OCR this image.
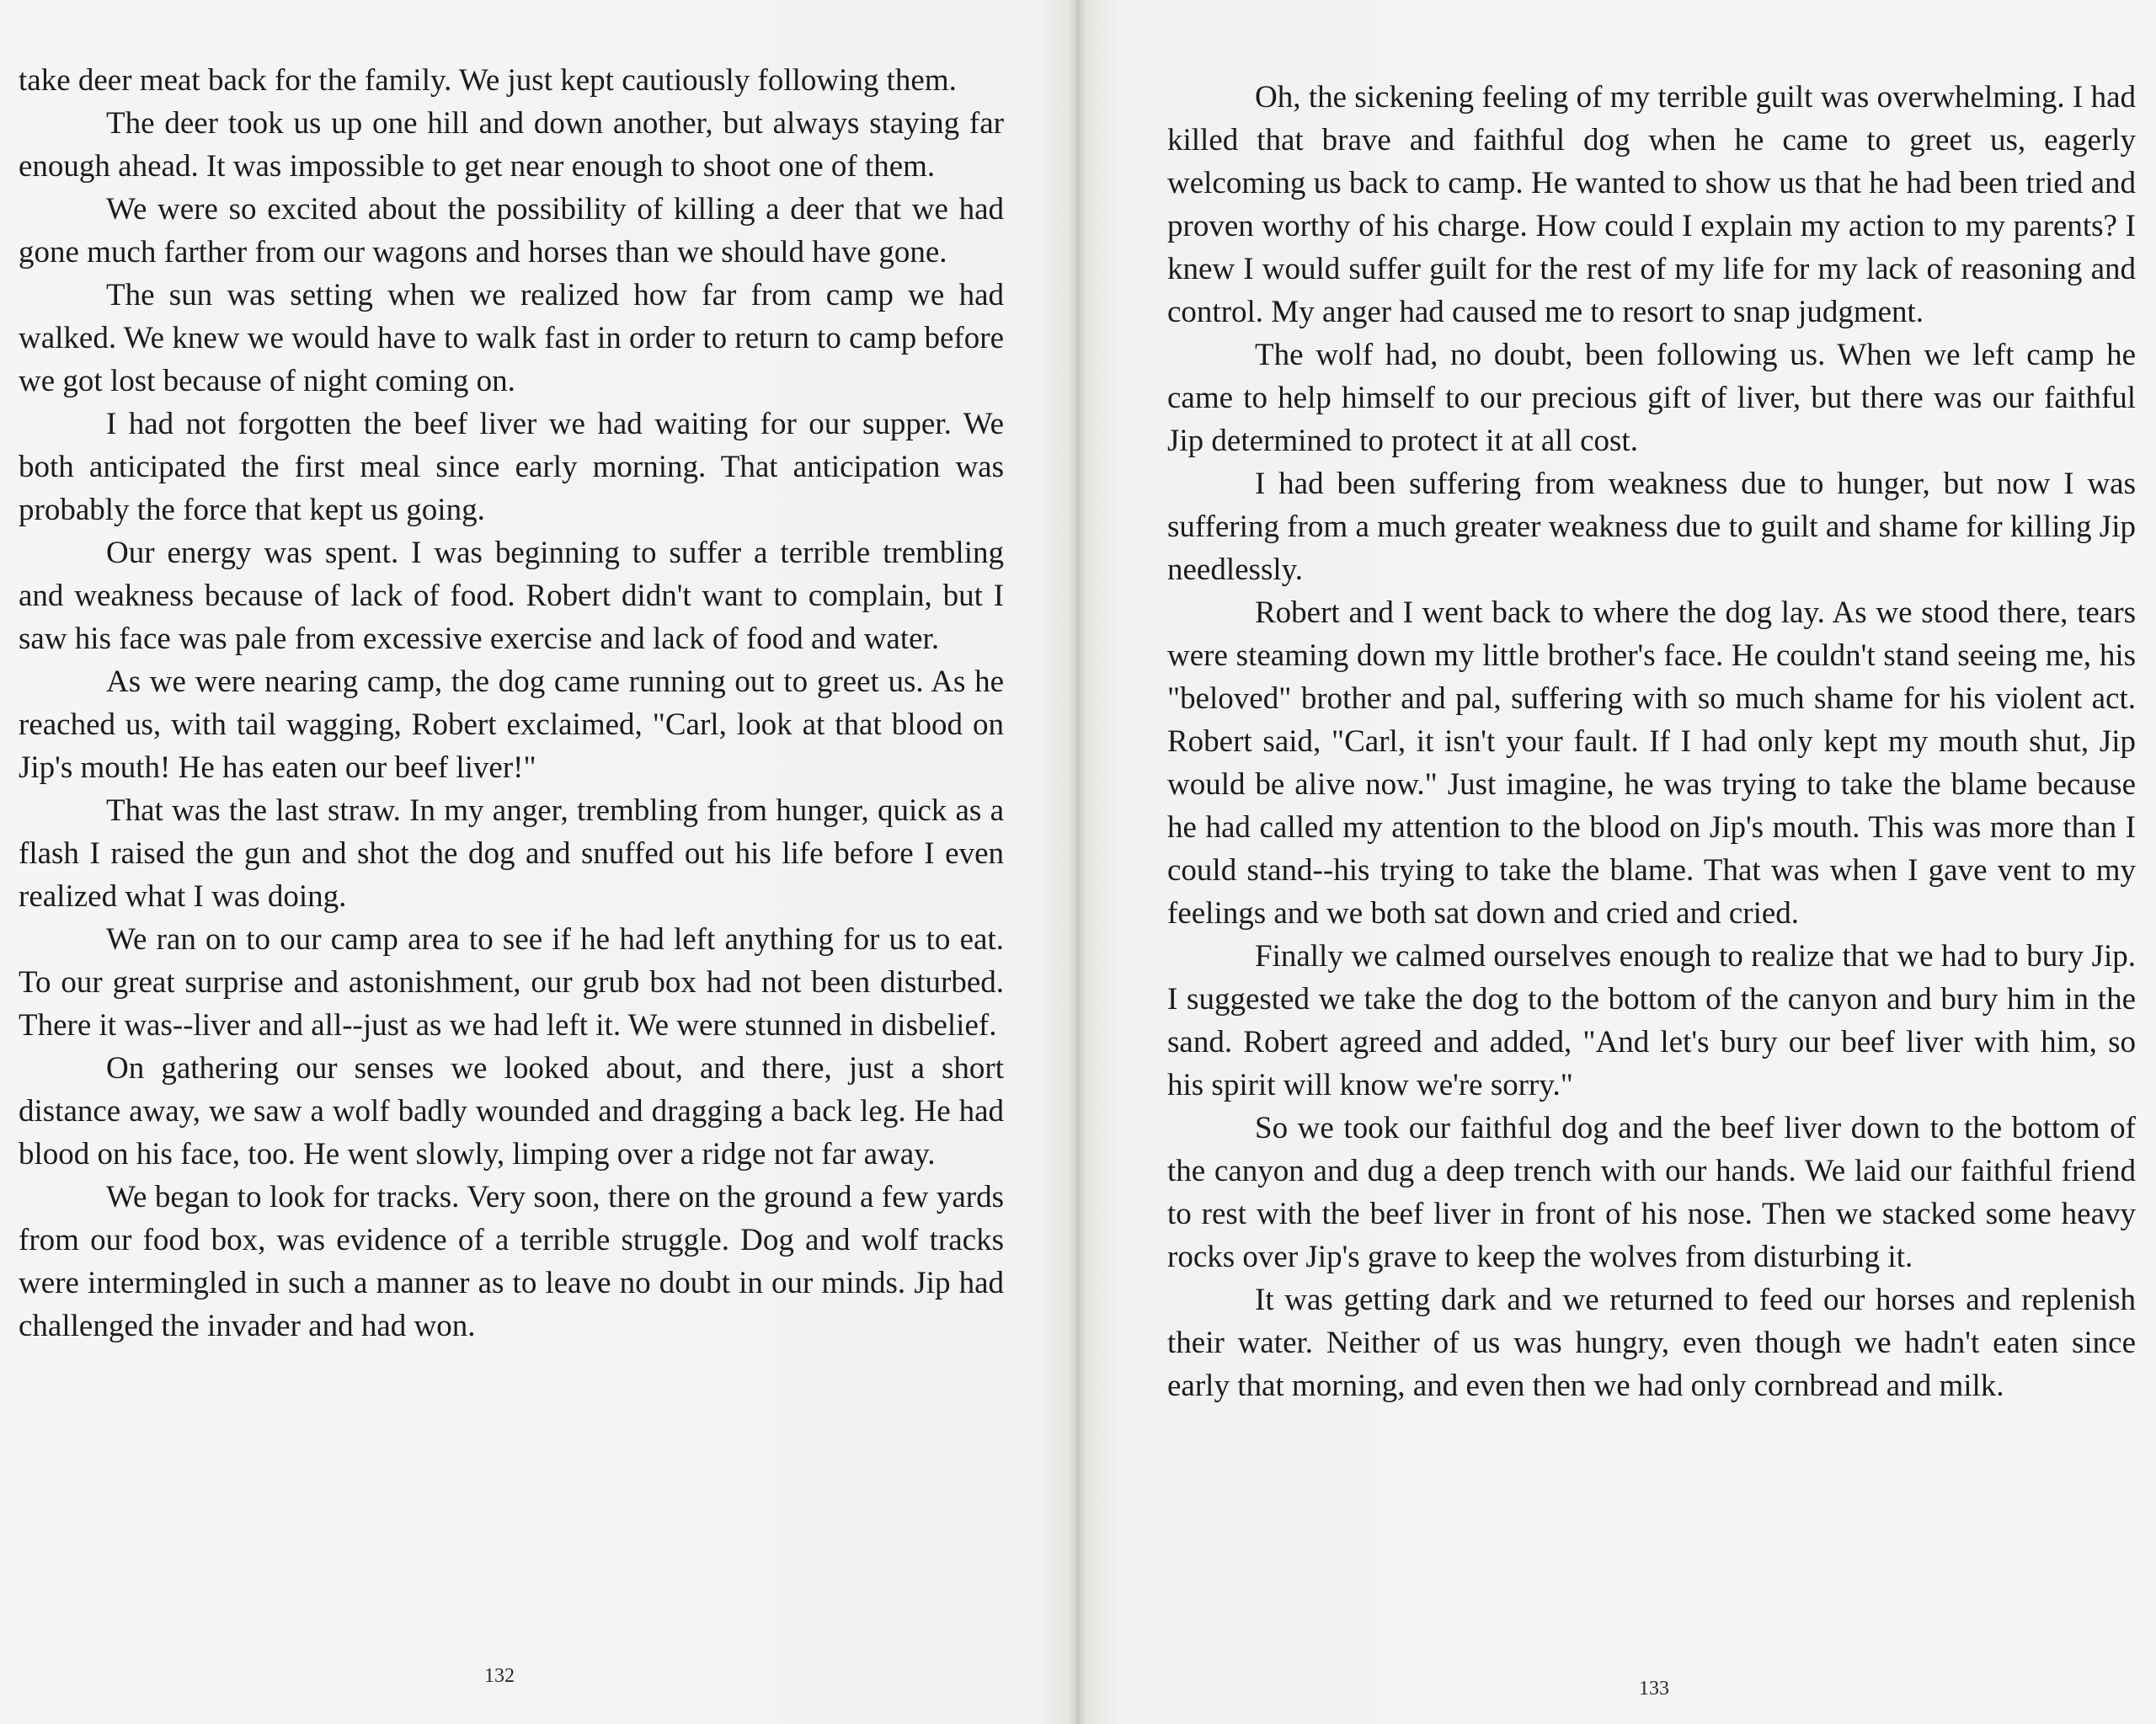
take deer meat back for the family. We just kept cautiously following them.

The deer took us up one hill and down another, but always staying far enough ahead. It was impossible to get near enough to shoot one of them.

We were so excited about the possibility of killing a deer that we had gone much farther from our wagons and horses than we should have gone.

The sun was setting when we realized how far from camp we had walked. We knew we would have to walk fast in order to return to camp before we got lost because of night coming on.

I had not forgotten the beef liver we had waiting for our supper. We both anticipated the first meal since early morning. That anticipation was probably the force that kept us going.

Our energy was spent. I was beginning to suffer a terrible trembling and weakness because of lack of food. Robert didn't want to complain, but I saw his face was pale from excessive exercise and lack of food and water.

As we were nearing camp, the dog came running out to greet us. As he reached us, with tail wagging, Robert exclaimed, "Carl, look at that blood on Jip's mouth! He has eaten our beef liver!"

That was the last straw. In my anger, trembling from hunger, quick as a flash I raised the gun and shot the dog and snuffed out his life before I even realized what I was doing.

We ran on to our camp area to see if he had left anything for us to eat. To our great surprise and astonishment, our grub box had not been disturbed. There it was--liver and all--just as we had left it. We were stunned in disbelief.

On gathering our senses we looked about, and there, just a short distance away, we saw a wolf badly wounded and dragging a back leg. He had blood on his face, too. He went slowly, limping over a ridge not far away.

We began to look for tracks. Very soon, there on the ground a few yards from our food box, was evidence of a terrible struggle. Dog and wolf tracks were intermingled in such a manner as to leave no doubt in our minds. Jip had challenged the invader and had won.

132

Oh, the sickening feeling of my terrible guilt was overwhelming. I had killed that brave and faithful dog when he came to greet us, eagerly welcoming us back to camp. He wanted to show us that he had been tried and proven worthy of his charge. How could I explain my action to my parents? I knew I would suffer guilt for the rest of my life for my lack of reasoning and control. My anger had caused me to resort to snap judgment.

The wolf had, no doubt, been following us. When we left camp he came to help himself to our precious gift of liver, but there was our faithful Jip determined to protect it at all cost.

I had been suffering from weakness due to hunger, but now I was suffering from a much greater weakness due to guilt and shame for killing Jip needlessly.

Robert and I went back to where the dog lay. As we stood there, tears were steaming down my little brother's face. He couldn't stand seeing me, his "beloved" brother and pal, suffering with so much shame for his violent act. Robert said, "Carl, it isn't your fault. If I had only kept my mouth shut, Jip would be alive now." Just imagine, he was trying to take the blame because he had called my attention to the blood on Jip's mouth. This was more than I could stand--his trying to take the blame. That was when I gave vent to my feelings and we both sat down and cried and cried.

Finally we calmed ourselves enough to realize that we had to bury Jip. I suggested we take the dog to the bottom of the canyon and bury him in the sand. Robert agreed and added, "And let's bury our beef liver with him, so his spirit will know we're sorry."

So we took our faithful dog and the beef liver down to the bottom of the canyon and dug a deep trench with our hands. We laid our faithful friend to rest with the beef liver in front of his nose. Then we stacked some heavy rocks over Jip's grave to keep the wolves from disturbing it.

It was getting dark and we returned to feed our horses and replenish their water. Neither of us was hungry, even though we hadn't eaten since early that morning, and even then we had only cornbread and milk.

133
